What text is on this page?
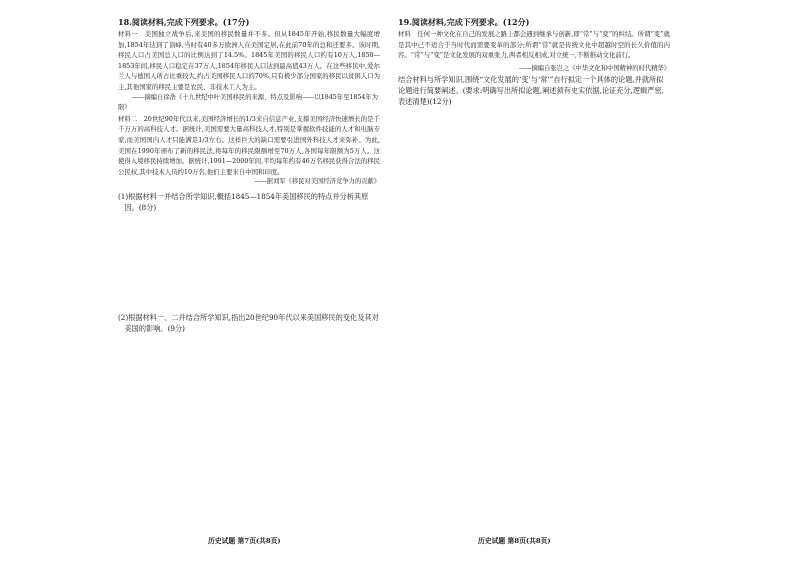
18.阅读材料,完成下列要求。(17分)

材料一　美国独立战争后,来美国的移民数量并不多。但从1845年开始,移民数量大幅度增加,1854年达到了顶峰,当时有40多万欧洲人在美国定居,在此前70年的总和还要多。该时期,移民人口占美国总人口的比例达到了14.5%。1845年美国的移民人口约有10万人,1850—1853年间,移民人口稳定在37万人,1854年移民人口达到最高值43万人。在这些移民中,爱尔兰人与德国人所占比重较大,约占美国移民人口的70%,只有极少部分国家的移民以贫困人口为主,其他国家的移民主要是农民、非技术工人为主。

——摘编自徐浩《十九世纪中叶美国移民的来源、特点及影响——以1845年至1854年为限》

材料二　20世纪90年代以来,美国经济增长的1/3来自信息产业,支撑美国经济快速增长的是千千万万的高科技人才。据统计,美国需要大量高科技人才,特别是掌握软件技能的人才和电脑专家,而美国国内人才只能满足1/3左右。这样巨大的缺口需要引进国外科技人才来弥补。为此,美国在1990年颁布了新的移民法,将每年的移民限额增至70万人,各国每年限额为5万人。这使得入境移民持续增加。据统计,1991—2000年间,平均每年约有46万名移民获得合法的移民公民权,其中技术人员约10万名,他们主要来自中国和印度。

——据刘军《移民对美国经济竞争力的贡献》

(1)根据材料一并结合所学知识,概括1845—1854年美国移民的特点并分析其原因。(8分)

(2)根据材料一、二并结合所学知识,指出20世纪90年代以来美国移民的变化及其对美国的影响。(9分)

19.阅读材料,完成下列要求。(12分)

材料　任何一种文化在自己的发展之路上都会遇到继承与创新,即“常”与“变”的纠结。所谓“变”就是其中已不适合于当时代而需要变革的部分;所谓“常”就是传统文化中超越时空的长久价值的内容。“常”与“变”是文化发展的双重张力,两者相反相成,对立统一,不断推动文化前行。

——摘编自张岂之《中华文化和中国精神的时代精华》

结合材料与所学知识,围绕“文化发展的‘变’与‘常’”自行拟定一个具体的论题,并就所拟论题进行简要阐述。(要求:明确写出所拟论题,阐述须有史实依据,论证充分,逻辑严密,表述清楚)(12分)

历史试题 第7页(共8页)	历史试题 第8页(共8页)
